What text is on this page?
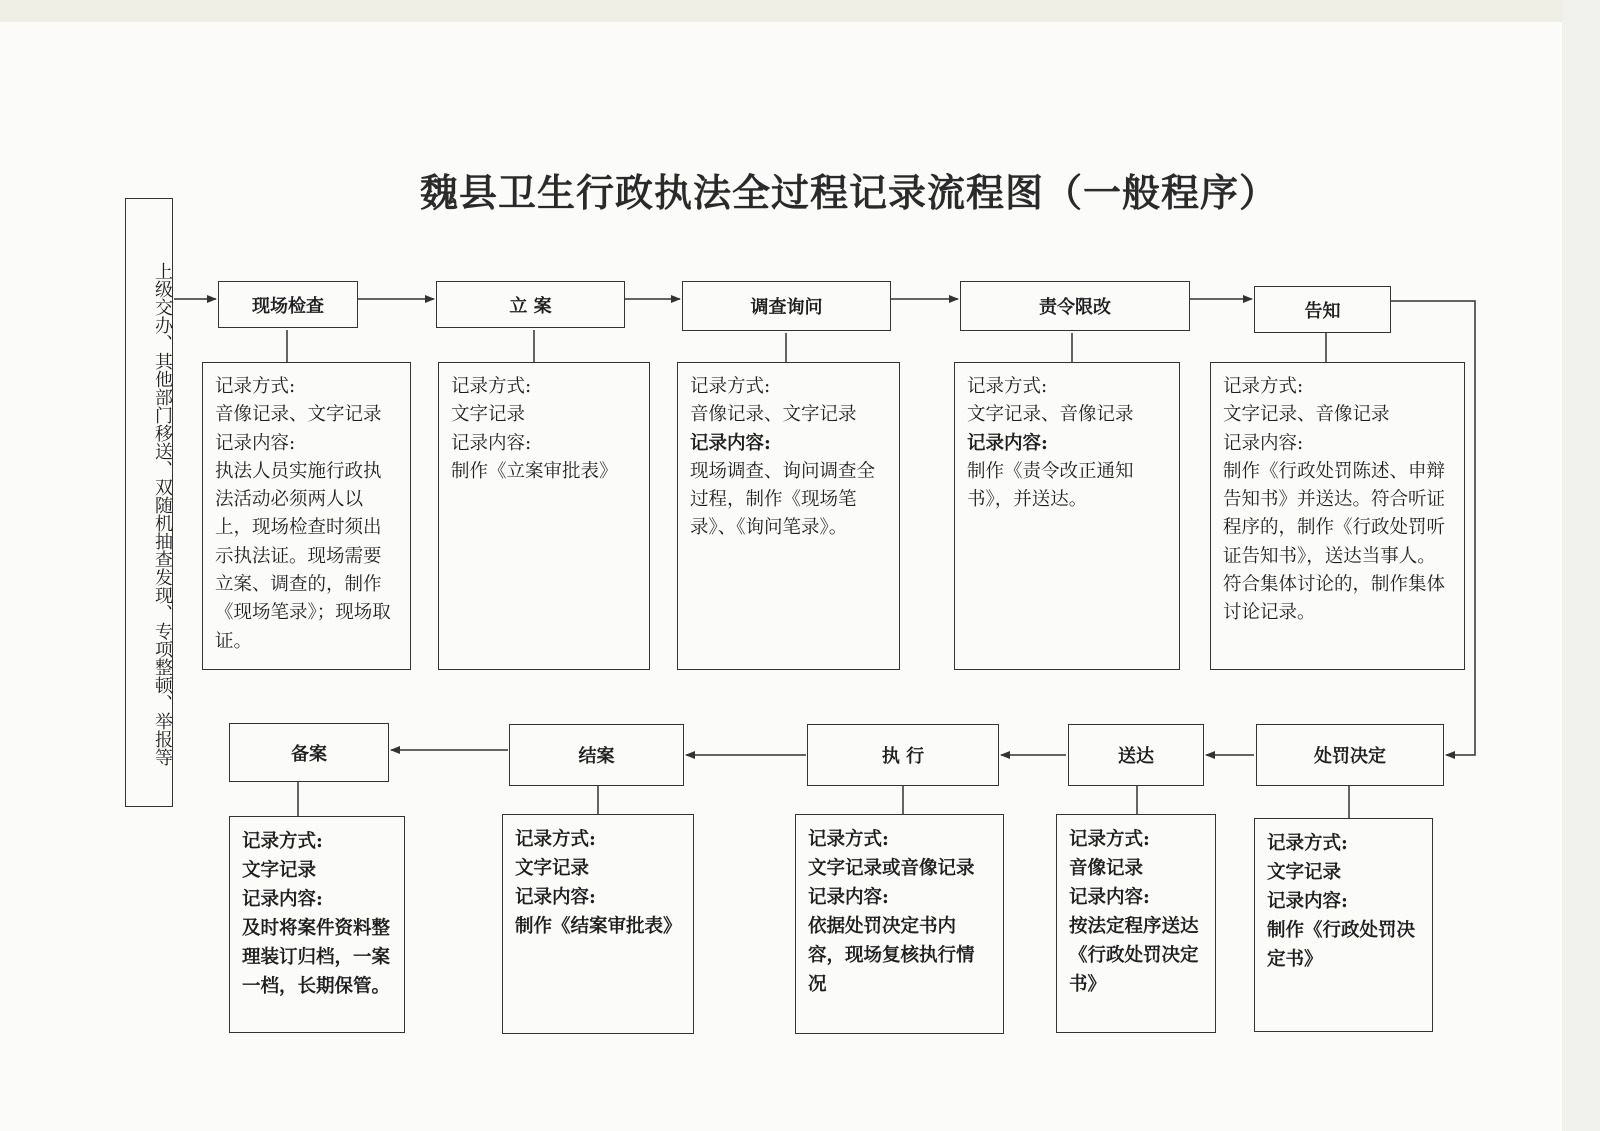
魏县卫生行政执法全过程记录流程图（一般程序）
上级交办、其他部门移送、双随机抽查发现、专项整顿、举报等	现场检查	立 案	调查询问	责令限改	告知

记录方式:

音像记录、文字记录

记录内容:

执法人员实施行政执法活动必须两人以上，现场检查时须出示执法证。现场需要立案、调查的，制作《现场笔录》；现场取证。

记录方式:

文字记录

记录内容:

制作《立案审批表》

记录方式:

音像记录、文字记录

记录内容:

现场调查、询问调查全过程，制作《现场笔录》、《询问笔录》。

记录方式:

文字记录、音像记录

记录内容:

制作《责令改正通知书》，并送达。

记录方式:

文字记录、音像记录

记录内容:

制作《行政处罚陈述、申辩告知书》并送达。符合听证程序的，制作《行政处罚听证告知书》，送达当事人。符合集体讨论的，制作集体讨论记录。

备案	结案	执 行	送达	处罚决定

记录方式:

文字记录

记录内容:

及时将案件资料整理装订归档，一案一档，长期保管。

记录方式:

文字记录

记录内容:

制作《结案审批表》

记录方式:

文字记录或音像记录

记录内容:

依据处罚决定书内容，现场复核执行情况

记录方式:

音像记录

记录内容:

按法定程序送达《行政处罚决定书》

记录方式:

文字记录

记录内容:

制作《行政处罚决定书》
